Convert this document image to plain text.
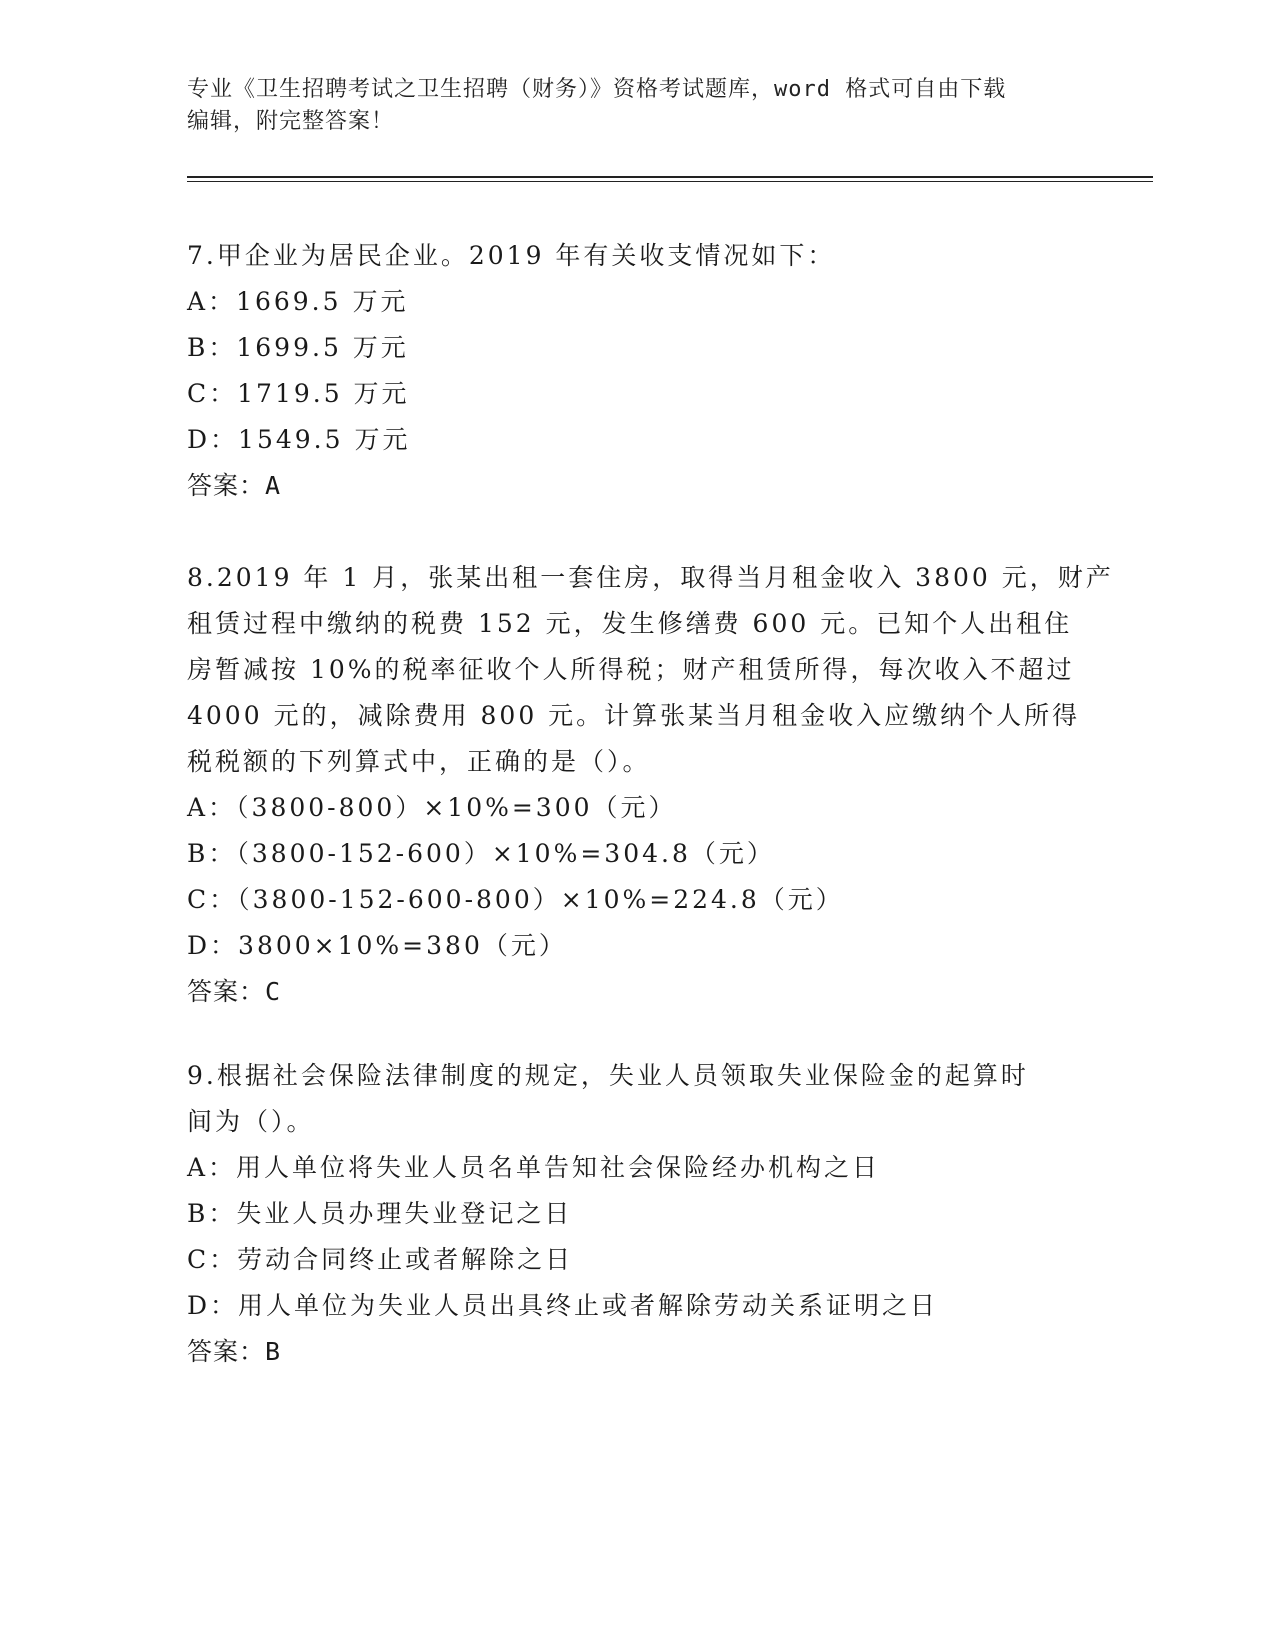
专业《卫生招聘考试之卫生招聘（财务）》资格考试题库，word 格式可自由下载
编辑，附完整答案！
7.甲企业为居民企业。2019 年有关收支情况如下：
A：1669.5 万元
B：1699.5 万元
C：1719.5 万元
D：1549.5 万元
答案：A
8.2019 年 1 月，张某出租一套住房，取得当月租金收入 3800 元，财产
租赁过程中缴纳的税费 152 元，发生修缮费 600 元。已知个人出租住
房暂减按 10%的税率征收个人所得税；财产租赁所得，每次收入不超过
4000 元的，减除费用 800 元。计算张某当月租金收入应缴纳个人所得
税税额的下列算式中，正确的是（）。
A：（3800-800）×10%=300（元）
B：（3800-152-600）×10%=304.8（元）
C：（3800-152-600-800）×10%=224.8（元）
D：3800×10%=380（元）
答案：C
9.根据社会保险法律制度的规定，失业人员领取失业保险金的起算时
间为（）。
A：用人单位将失业人员名单告知社会保险经办机构之日
B：失业人员办理失业登记之日
C：劳动合同终止或者解除之日
D：用人单位为失业人员出具终止或者解除劳动关系证明之日
答案：B
